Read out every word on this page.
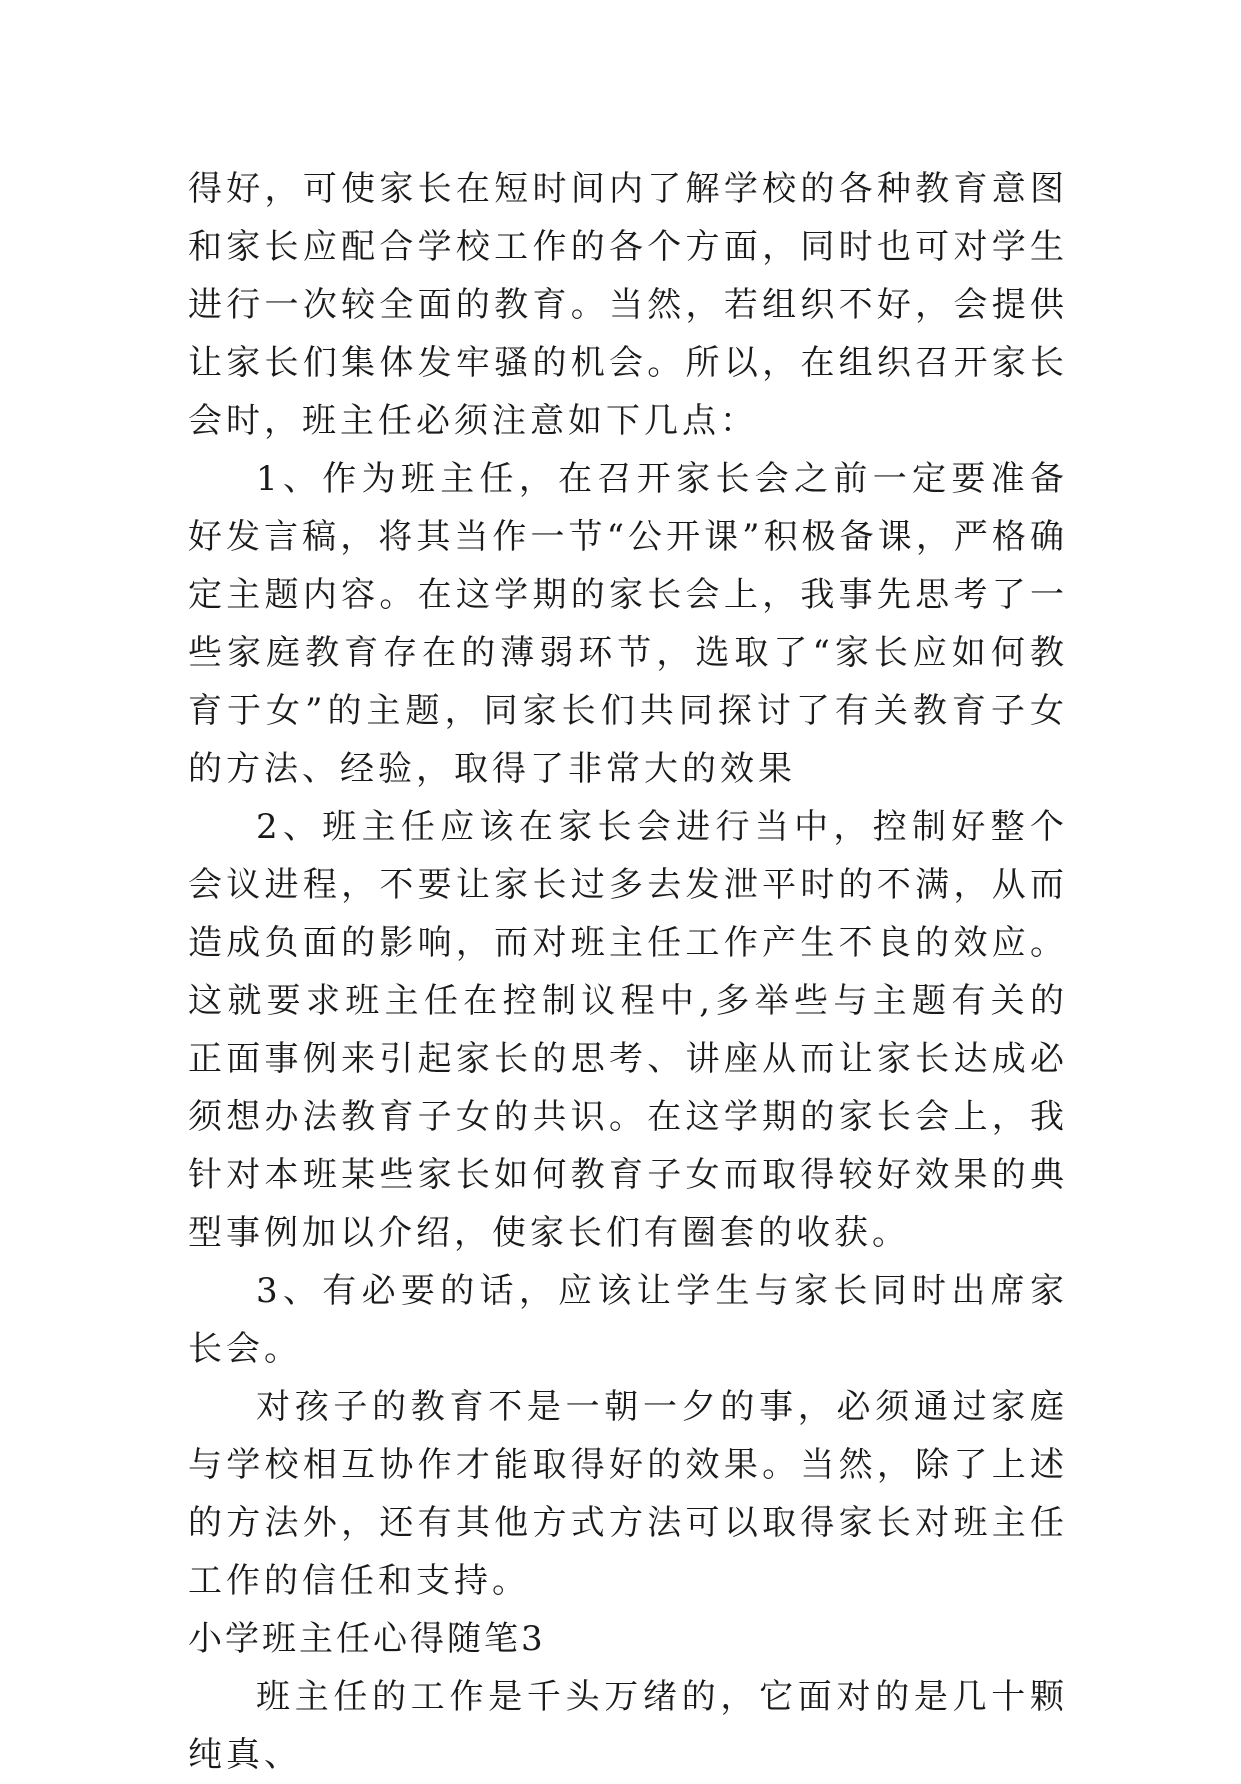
得好，可使家长在短时间内了解学校的各种教育意图和家长应配合学校工作的各个方面，同时也可对学生进行一次较全面的教育。当然，若组织不好，会提供让家长们集体发牢骚的机会。所以，在组织召开家长会时，班主任必须注意如下几点：

1、作为班主任，在召开家长会之前一定要准备好发言稿，将其当作一节“公开课”积极备课，严格确定主题内容。在这学期的家长会上，我事先思考了一些家庭教育存在的薄弱环节，选取了“家长应如何教育于女”的主题，同家长们共同探讨了有关教育子女的方法、经验，取得了非常大的效果

2、班主任应该在家长会进行当中，控制好整个会议进程，不要让家长过多去发泄平时的不满，从而造成负面的影响，而对班主任工作产生不良的效应。这就要求班主任在控制议程中,多举些与主题有关的正面事例来引起家长的思考、讲座从而让家长达成必须想办法教育子女的共识。在这学期的家长会上，我针对本班某些家长如何教育子女而取得较好效果的典型事例加以介绍，使家长们有圈套的收获。

3、有必要的话，应该让学生与家长同时出席家长会。

对孩子的教育不是一朝一夕的事，必须通过家庭与学校相互协作才能取得好的效果。当然，除了上述的方法外，还有其他方式方法可以取得家长对班主任工作的信任和支持。

小学班主任心得随笔3

班主任的工作是千头万绪的，它面对的是几十颗纯真、
